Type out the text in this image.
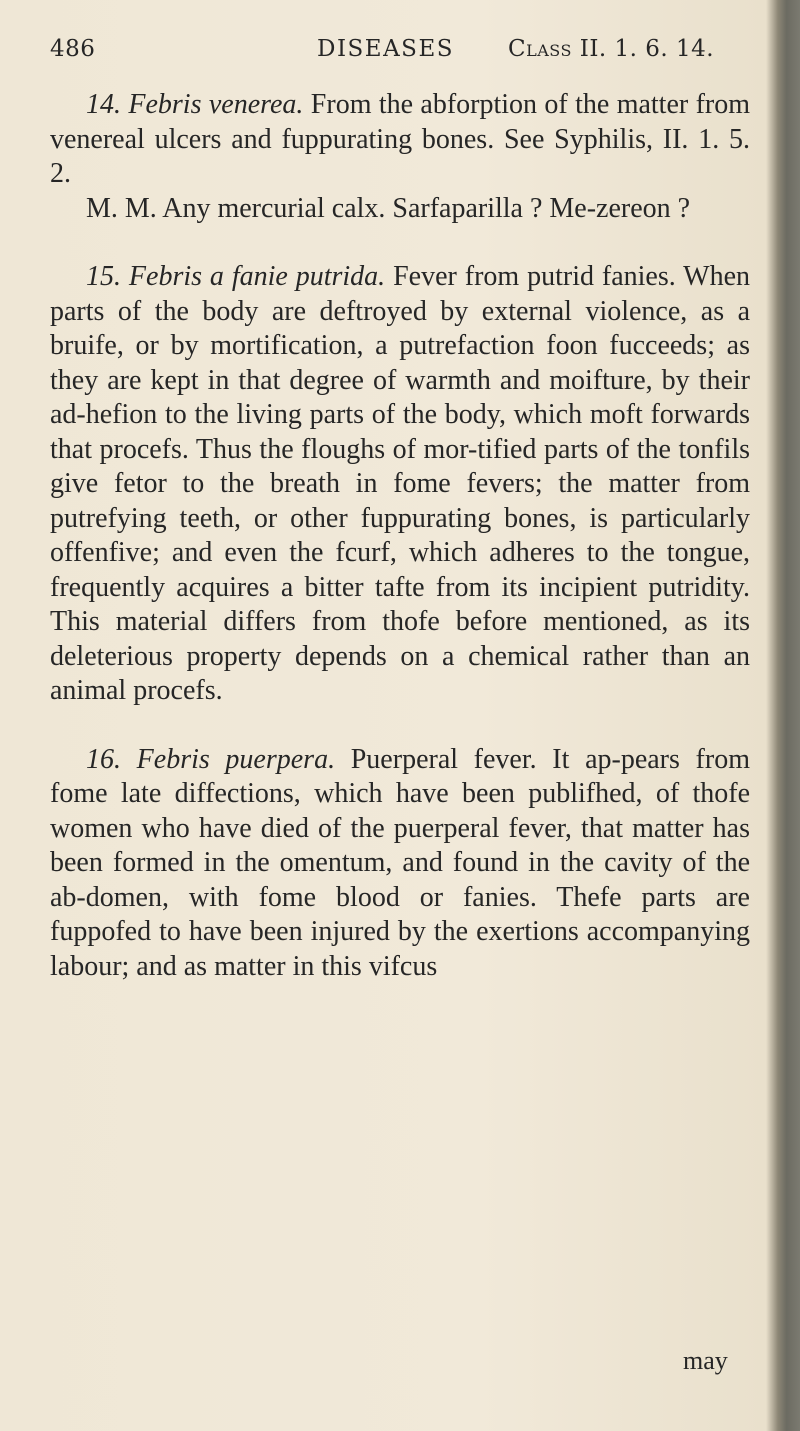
486	DISEASES Class II. 1. 6. 14.

14. Febris venerea. From the abforption of the matter from venereal ulcers and fuppurating bones. See Syphilis, II. 1. 5. 2.

M. M. Any mercurial calx. Sarfaparilla ? Me-zereon ?

15. Febris a fanie putrida. Fever from putrid fanies. When parts of the body are deftroyed by external violence, as a bruife, or by mortification, a putrefaction foon fucceeds; as they are kept in that degree of warmth and moifture, by their ad-hefion to the living parts of the body, which moft forwards that procefs. Thus the floughs of mor-tified parts of the tonfils give fetor to the breath in fome fevers; the matter from putrefying teeth, or other fuppurating bones, is particularly offenfive; and even the fcurf, which adheres to the tongue, frequently acquires a bitter tafte from its incipient putridity. This material differs from thofe before mentioned, as its deleterious property depends on a chemical rather than an animal procefs.

16. Febris puerpera. Puerperal fever. It ap-pears from fome late diffections, which have been publifhed, of thofe women who have died of the puerperal fever, that matter has been formed in the omentum, and found in the cavity of the ab-domen, with fome blood or fanies. Thefe parts are fuppofed to have been injured by the exertions accompanying labour; and as matter in this vifcus

may
